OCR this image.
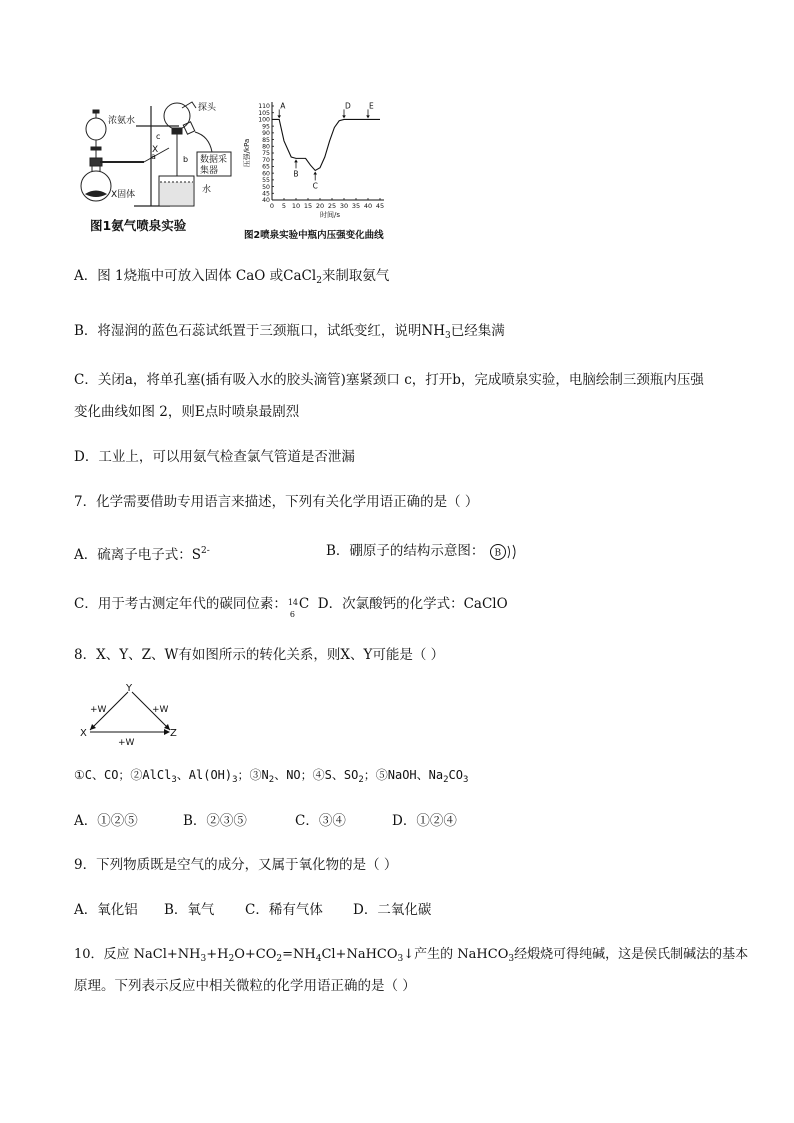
浓氨水
X固体
探头
a
c
X
b 数据采
集器
水
图1氨气喷泉实验
0 5 10 15 20 25 30 35 40 45
40
45
50
55
60
65
70
75
80
85
90
95
100
105
110
压强/kPa
时间/s
A
B
C
D E
图2喷泉实验中瓶内压强变化曲线
A．图 1烧瓶中可放入固体 CaO 或CaCl$_2$来制取氨气
B．将湿润的蓝色石蕊试纸置于三颈瓶口，试纸变红，说明$NH_3$已经集满
C．关闭a，将单孔塞(插有吸入水的胶头滴管)塞紧颈口 c，打开b，完成喷泉实验，电脑绘制三颈瓶内压强
变化曲线如图 2，则E点时喷泉最剧烈
D．工业上，可以用氨气检查氯气管道是否泄漏
7．化学需要借助专用语言来描述，下列有关化学用语正确的是（ ）
A．硫离子电子式：$S^{2-}$	B．硼原子的结构示意图： B
C．用于考古测定年代的碳同位素： 14
6
C D．次氯酸钙的化学式：CaClO
8．X、Y、Z、W有如图所示的转化关系，则X、Y可能是（ ）
Y
X	Z
+W	+W
+W
①C、CO；②AlCl$_3$、$Al(OH)_3$；$③N_2$、NO；④S、$SO_2$；⑤NaOH、$Na_2CO_3$
A．①②⑤	B．②③⑤	C．③④	D．①②④
9．下列物质既是空气的成分，又属于氧化物的是（ ）
A．氧化铝 B．氧气 C．稀有气体 D．二氧化碳
10．反应 $NaCl+NH_3+H_2O+CO_2=NH_4Cl+NaHCO_3↓$产生的 NaHCO$_3$经煅烧可得纯碱，这是侯氏制碱法的基本
原理。下列表示反应中相关微粒的化学用语正确的是（ ）
